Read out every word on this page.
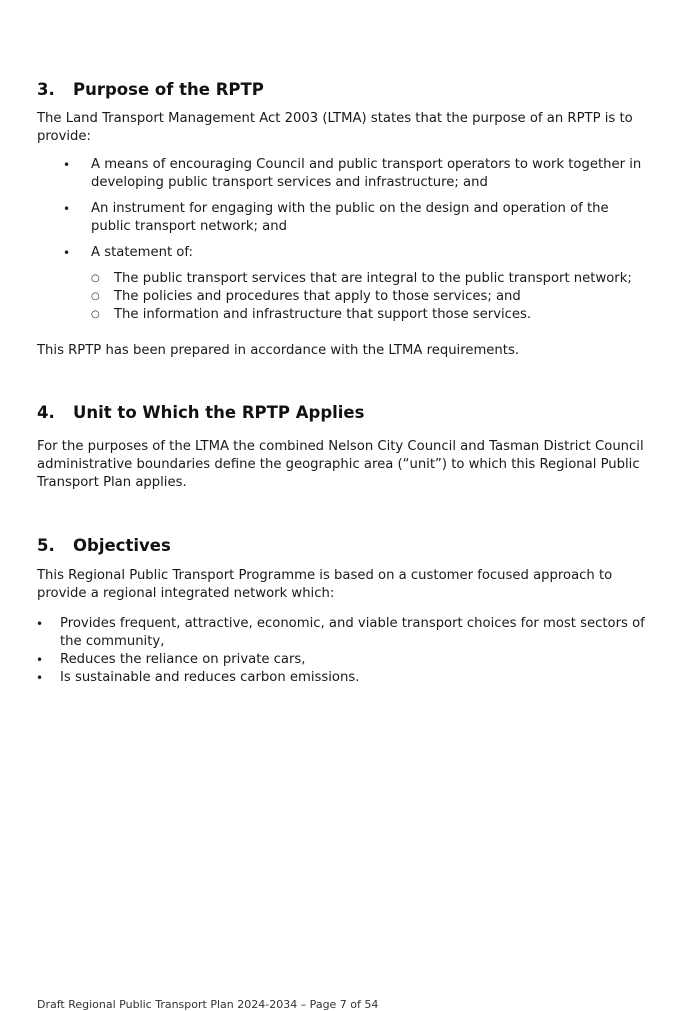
3. Purpose of the RPTP

The Land Transport Management Act 2003 (LTMA) states that the purpose of an RPTP is to provide:

• A means of encouraging Council and public transport operators to work together in developing public transport services and infrastructure; and
• An instrument for engaging with the public on the design and operation of the public transport network; and
• A statement of:
○ The public transport services that are integral to the public transport network;
○ The policies and procedures that apply to those services; and
○ The information and infrastructure that support those services.

This RPTP has been prepared in accordance with the LTMA requirements.

4. Unit to Which the RPTP Applies

For the purposes of the LTMA the combined Nelson City Council and Tasman District Council administrative boundaries define the geographic area (“unit”) to which this Regional Public Transport Plan applies.

5. Objectives

This Regional Public Transport Programme is based on a customer focused approach to provide a regional integrated network which:

• Provides frequent, attractive, economic, and viable transport choices for most sectors of the community,
• Reduces the reliance on private cars,
• Is sustainable and reduces carbon emissions.
Draft Regional Public Transport Plan 2024-2034 – Page 7 of 54
